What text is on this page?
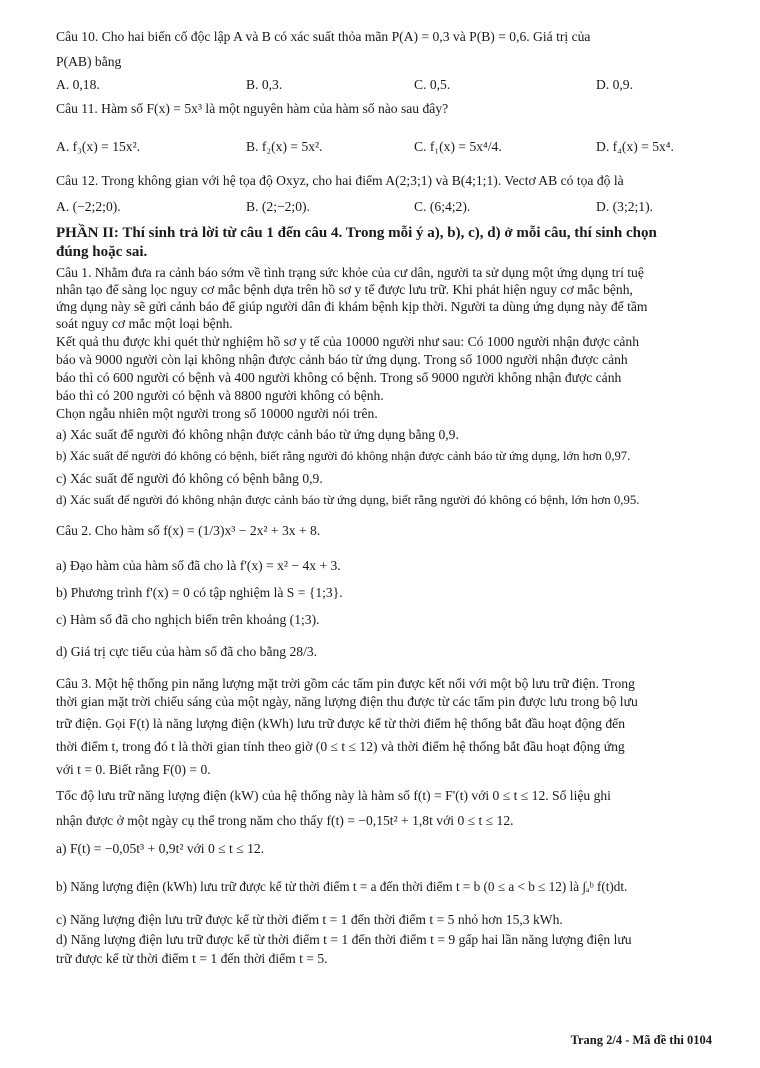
Câu 10. Cho hai biến cố độc lập A và B có xác suất thỏa mãn P(A) = 0,3 và P(B) = 0,6. Giá trị của
P(AB) bằng
A. 0,18.	B. 0,3.	C. 0,5.	D. 0,9.
Câu 11. Hàm số F(x) = 5x³ là một nguyên hàm của hàm số nào sau đây?
A. f₃(x) = 15x².	B. f₂(x) = 5x².	C. f₁(x) = 5x⁴/4.	D. f₄(x) = 5x⁴.
Câu 12. Trong không gian với hệ tọa độ Oxyz, cho hai điểm A(2;3;1) và B(4;1;1). Vectơ AB có tọa độ là
A. (−2;2;0).	B. (2;−2;0).	C. (6;4;2).	D. (3;2;1).
PHẦN II: Thí sinh trả lời từ câu 1 đến câu 4. Trong mỗi ý a), b), c), d) ở mỗi câu, thí sinh chọn
đúng hoặc sai.
Câu 1. Nhằm đưa ra cảnh báo sớm về tình trạng sức khỏe của cư dân, người ta sử dụng một ứng dụng trí tuệ
nhân tạo để sàng lọc nguy cơ mắc bệnh dựa trên hồ sơ y tế được lưu trữ. Khi phát hiện nguy cơ mắc bệnh,
ứng dụng này sẽ gửi cảnh báo để giúp người dân đi khám bệnh kịp thời. Người ta dùng ứng dụng này để tầm
soát nguy cơ mắc một loại bệnh.
Kết quả thu được khi quét thử nghiệm hồ sơ y tế của 10000 người như sau: Có 1000 người nhận được cảnh
báo và 9000 người còn lại không nhận được cảnh báo từ ứng dụng. Trong số 1000 người nhận được cảnh
báo thì có 600 người có bệnh và 400 người không có bệnh. Trong số 9000 người không nhận được cảnh
báo thì có 200 người có bệnh và 8800 người không có bệnh.
Chọn ngẫu nhiên một người trong số 10000 người nói trên.
a) Xác suất để người đó không nhận được cảnh báo từ ứng dụng bằng 0,9.
b) Xác suất để người đó không có bệnh, biết rằng người đó không nhận được cảnh báo từ ứng dụng, lớn hơn 0,97.
c) Xác suất để người đó không có bệnh bằng 0,9.
d) Xác suất để người đó không nhận được cảnh báo từ ứng dụng, biết rằng người đó không có bệnh, lớn hơn 0,95.
Câu 2. Cho hàm số f(x) = (1/3)x³ − 2x² + 3x + 8.
a) Đạo hàm của hàm số đã cho là f'(x) = x² − 4x + 3.
b) Phương trình f'(x) = 0 có tập nghiệm là S = {1;3}.
c) Hàm số đã cho nghịch biến trên khoảng (1;3).
d) Giá trị cực tiểu của hàm số đã cho bằng 28/3.
Câu 3. Một hệ thống pin năng lượng mặt trời gồm các tấm pin được kết nối với một bộ lưu trữ điện. Trong
thời gian mặt trời chiếu sáng của một ngày, năng lượng điện thu được từ các tấm pin được lưu trong bộ lưu
trữ điện. Gọi F(t) là năng lượng điện (kWh) lưu trữ được kể từ thời điểm hệ thống bắt đầu hoạt động đến
thời điểm t, trong đó t là thời gian tính theo giờ (0 ≤ t ≤ 12) và thời điểm hệ thống bắt đầu hoạt động ứng
với t = 0. Biết rằng F(0) = 0.
Tốc độ lưu trữ năng lượng điện (kW) của hệ thống này là hàm số f(t) = F'(t) với 0 ≤ t ≤ 12. Số liệu ghi
nhận được ở một ngày cụ thể trong năm cho thấy f(t) = −0,15t² + 1,8t với 0 ≤ t ≤ 12.
a) F(t) = −0,05t³ + 0,9t² với 0 ≤ t ≤ 12.
b) Năng lượng điện (kWh) lưu trữ được kể từ thời điểm t = a đến thời điểm t = b (0 ≤ a < b ≤ 12) là ∫ₐᵇ f(t)dt.
c) Năng lượng điện lưu trữ được kể từ thời điểm t = 1 đến thời điểm t = 5 nhỏ hơn 15,3 kWh.
d) Năng lượng điện lưu trữ được kể từ thời điểm t = 1 đến thời điểm t = 9 gấp hai lần năng lượng điện lưu
trữ được kể từ thời điểm t = 1 đến thời điểm t = 5.
Trang 2/4 - Mã đề thi 0104
